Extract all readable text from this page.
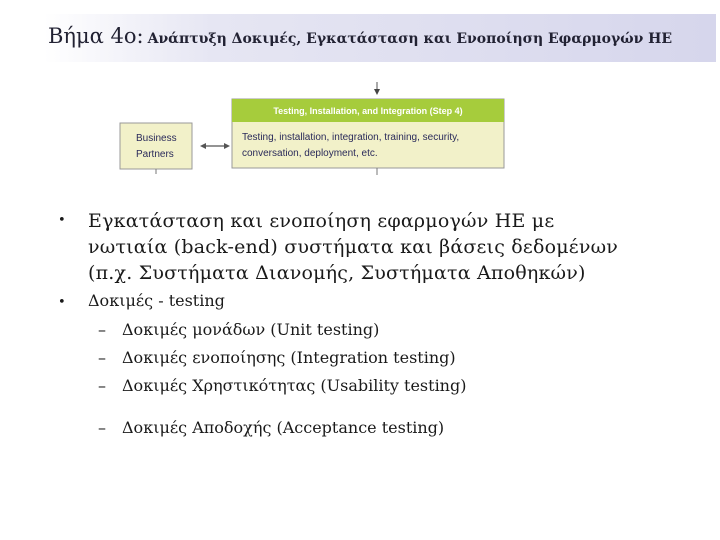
Βήμα 4ο: Ανάπτυξη Δοκιμές, Εγκατάσταση και Ενοποίηση Εφαρμογών ΗΕ
Business
Partners
Testing, Installation, and Integration (Step 4)
Testing, installation, integration, training, security,
conversation, deployment, etc.
•	Εγκατάσταση και ενοποίηση εφαρμογών ΗΕ με
νωτιαία (back-end) συστήματα και βάσεις δεδομένων
(π.χ. Συστήματα Διανομής, Συστήματα Αποθηκών)
•	Δοκιμές - testing
–	Δοκιμές μονάδων (Unit testing)
–	Δοκιμές ενοποίησης (Integration testing)
–	Δοκιμές Χρηστικότητας (Usability testing)
–	Δοκιμές Αποδοχής (Acceptance testing)
